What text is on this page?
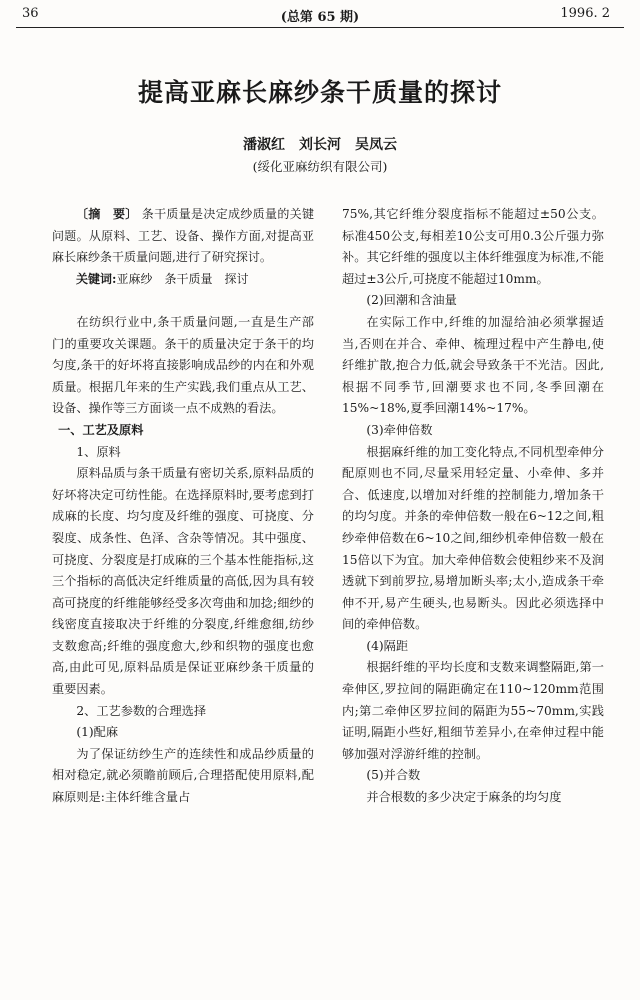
36	(总第 65 期)	1996. 2
提高亚麻长麻纱条干质量的探讨
潘淑红　刘长河　吴凤云
(绥化亚麻纺织有限公司)

〔摘　要〕 条干质量是决定成纱质量的关键问题。从原料、工艺、设备、操作方面,对提高亚麻长麻纱条干质量问题,进行了研究探讨。

关键词:亚麻纱　条干质量　探讨

在纺织行业中,条干质量问题,一直是生产部门的重要攻关课题。条干的质量决定于条干的均匀度,条干的好坏将直接影响成品纱的内在和外观质量。根据几年来的生产实践,我们重点从工艺、设备、操作等三方面谈一点不成熟的看法。

一、工艺及原料

1、原料

原料品质与条干质量有密切关系,原料品质的好坏将决定可纺性能。在选择原料时,要考虑到打成麻的长度、均匀度及纤维的强度、可挠度、分裂度、成条性、色泽、含杂等情况。其中强度、可挠度、分裂度是打成麻的三个基本性能指标,这三个指标的高低决定纤维质量的高低,因为具有较高可挠度的纤维能够经受多次弯曲和加捻;细纱的线密度直接取决于纤维的分裂度,纤维愈细,纺纱支数愈高;纤维的强度愈大,纱和织物的强度也愈高,由此可见,原料品质是保证亚麻纱条干质量的重要因素。

2、工艺参数的合理选择

(1)配麻

为了保证纺纱生产的连续性和成品纱质量的相对稳定,就必须瞻前顾后,合理搭配使用原料,配麻原则是:主体纤维含量占

75%,其它纤维分裂度指标不能超过±50公支。标准450公支,每相差10公支可用0.3公斤强力弥补。其它纤维的强度以主体纤维强度为标准,不能超过±3公斤,可挠度不能超过10mm。

(2)回潮和含油量

在实际工作中,纤维的加湿给油必须掌握适当,否则在并合、牵伸、梳理过程中产生静电,使纤维扩散,抱合力低,就会导致条干不光洁。因此,根据不同季节,回潮要求也不同,冬季回潮在15%~18%,夏季回潮14%~17%。

(3)牵伸倍数

根据麻纤维的加工变化特点,不同机型牵伸分配原则也不同,尽量采用轻定量、小牵伸、多并合、低速度,以增加对纤维的控制能力,增加条干的均匀度。并条的牵伸倍数一般在6~12之间,粗纱牵伸倍数在6~10之间,细纱机牵伸倍数一般在15倍以下为宜。加大牵伸倍数会使粗纱来不及润透就下到前罗拉,易增加断头率;太小,造成条干牵伸不开,易产生硬头,也易断头。因此必须选择中间的牵伸倍数。

(4)隔距

根据纤维的平均长度和支数来调整隔距,第一牵伸区,罗拉间的隔距确定在110~120mm范围内;第二牵伸区罗拉间的隔距为55~70mm,实践证明,隔距小些好,粗细节差异小,在牵伸过程中能够加强对浮游纤维的控制。

(5)并合数

并合根数的多少决定于麻条的均匀度
